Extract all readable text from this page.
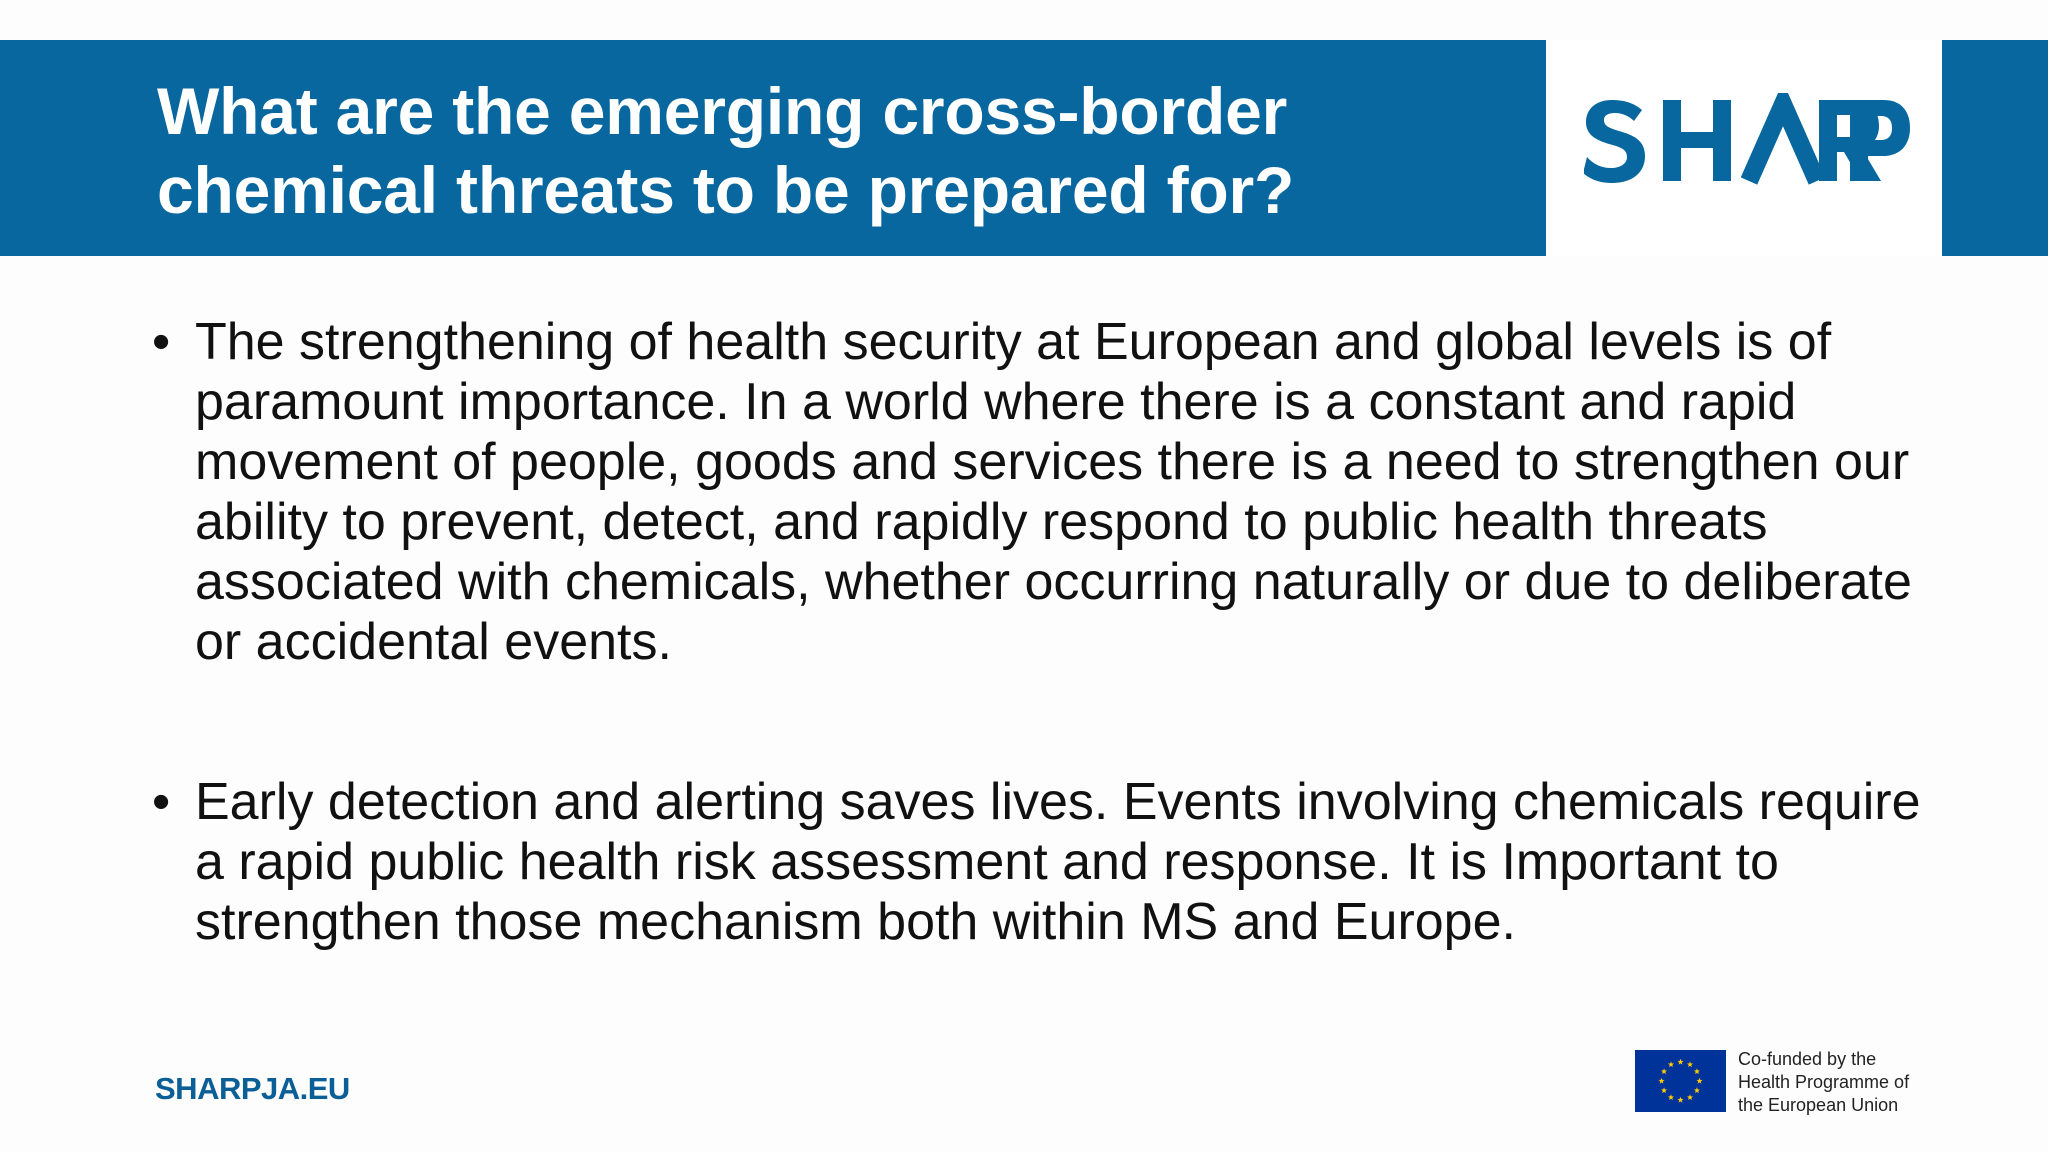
What are the emerging cross-border
chemical threats to be prepared for?
• The strengthening of health security at European and global levels is of paramount importance. In a world where there is a constant and rapid movement of people, goods and services there is a need to strengthen our ability to prevent, detect, and rapidly respond to public health threats associated with chemicals, whether occurring naturally or due to deliberate or accidental events.
• Early detection and alerting saves lives. Events involving chemicals require a rapid public health risk assessment and response. It is Important to strengthen those mechanism both within MS and Europe.
SHARPJA.EU
Co-funded by the
Health Programme of
the European Union
